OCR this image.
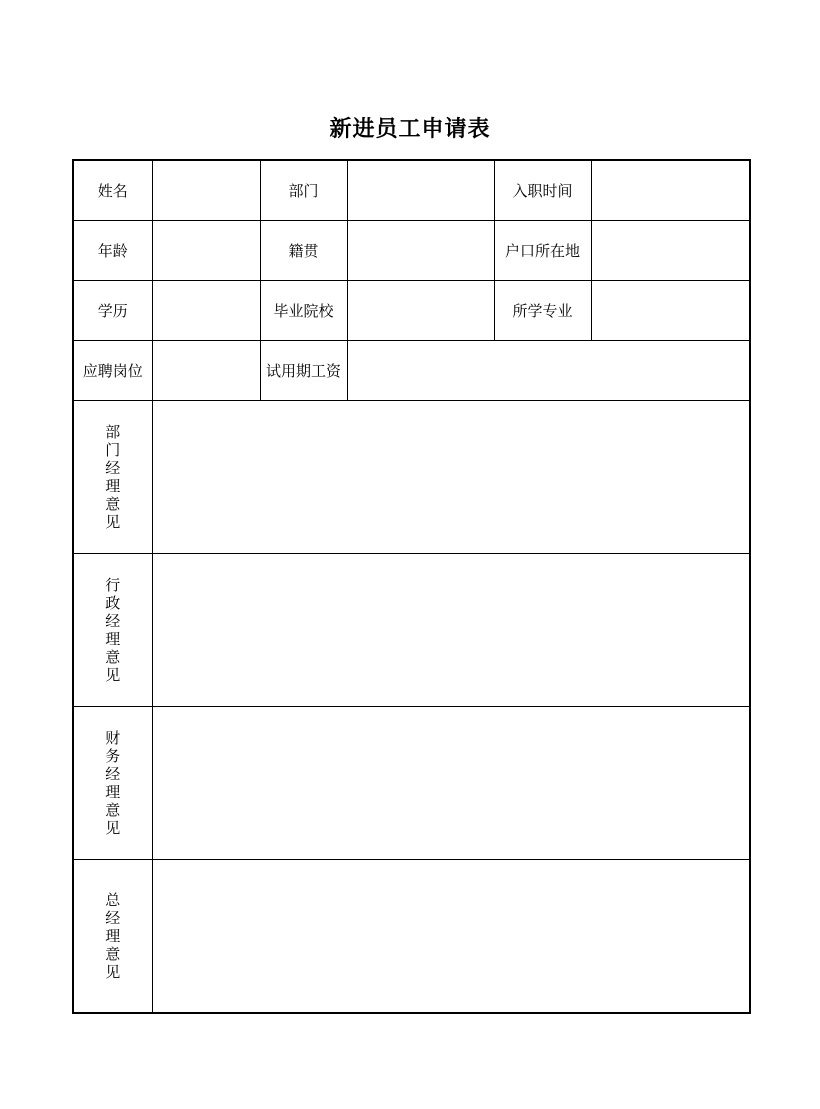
新进员工申请表
姓名		部门		入职时间	
年龄		籍贯		户口所在地	
学历		毕业院校		所学专业	
应聘岗位		试用期工资			
部门经理意见					
行政经理意见					
财务经理意见					
总经理意见					
